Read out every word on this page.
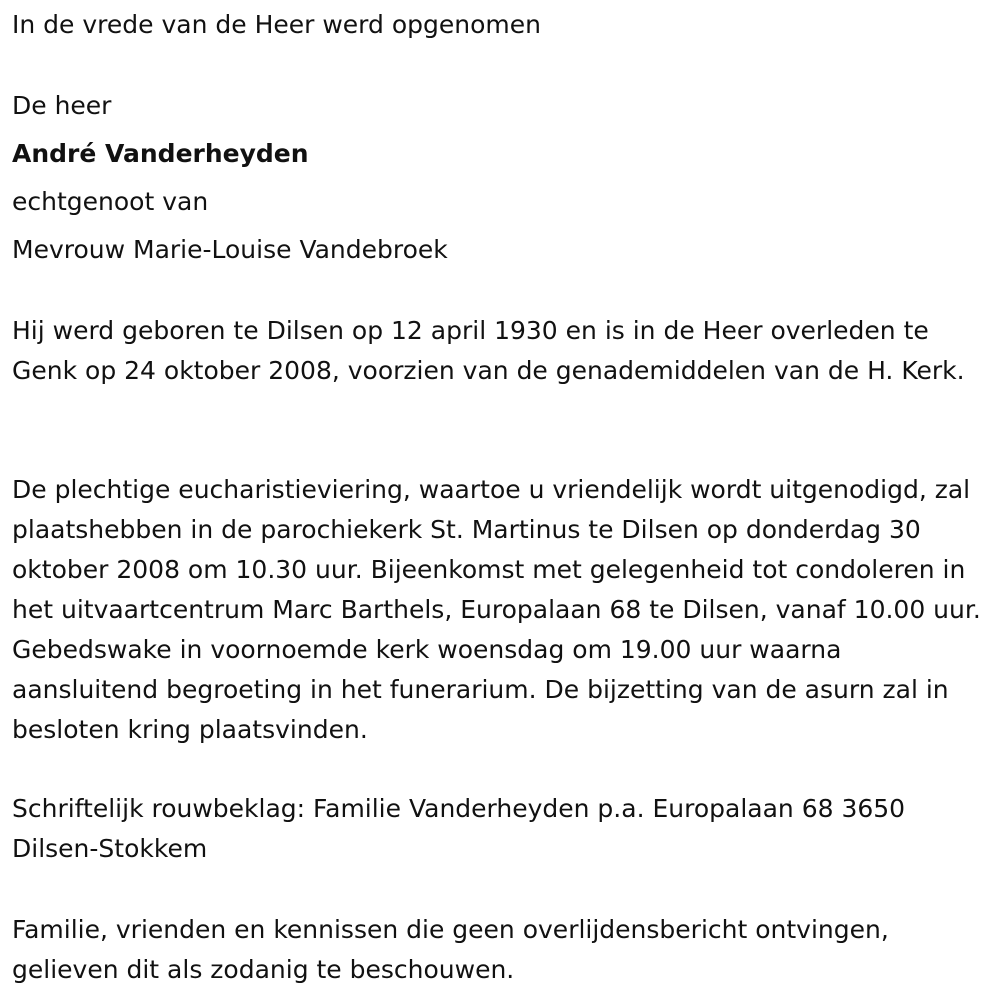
In de vrede van de Heer werd opgenomen

De heer

André Vanderheyden

echtgenoot van

Mevrouw Marie-Louise Vandebroek

Hij werd geboren te Dilsen op 12 april 1930 en is in de Heer overleden te Genk op 24 oktober 2008, voorzien van de genademiddelen van de H. Kerk.

De plechtige eucharistieviering, waartoe u vriendelijk wordt uitgenodigd, zal plaatshebben in de parochiekerk St. Martinus te Dilsen op donderdag 30 oktober 2008 om 10.30 uur. Bijeenkomst met gelegenheid tot condoleren in het uitvaartcentrum Marc Barthels, Europalaan 68 te Dilsen, vanaf 10.00 uur. Gebedswake in voornoemde kerk woensdag om 19.00 uur waarna aansluitend begroeting in het funerarium. De bijzetting van de asurn zal in besloten kring plaatsvinden.

Schriftelijk rouwbeklag: Familie Vanderheyden p.a. Europalaan 68 3650 Dilsen-Stokkem

Familie, vrienden en kennissen die geen overlijdensbericht ontvingen, gelieven dit als zodanig te beschouwen.
